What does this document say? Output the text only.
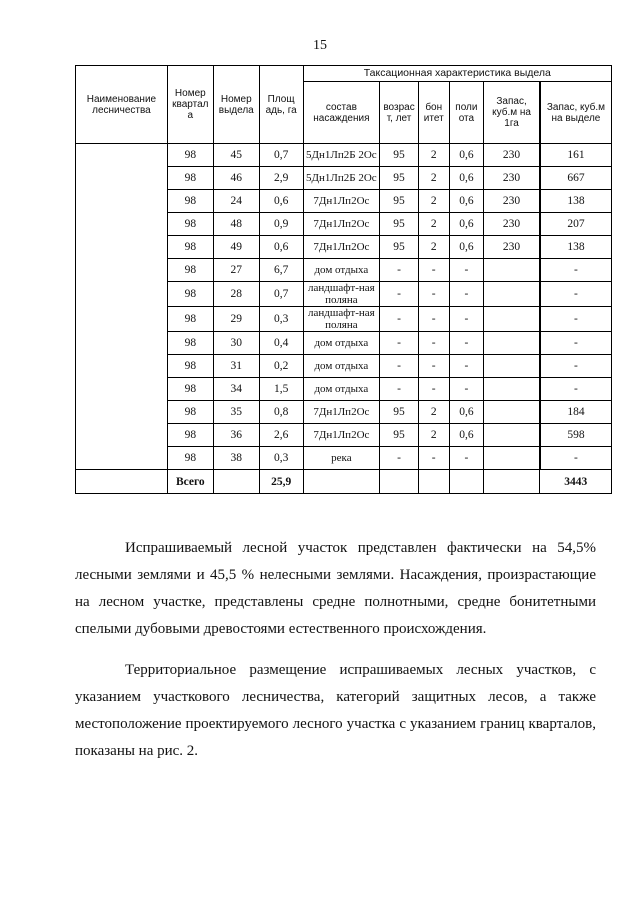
15
Наименование лесничества	Номер квартал а	Номер выдела	Площ адь, га	Таксационная характеристика выдела					
				состав насаждения	возрас т, лет	бон итет	поли ота	Запас, куб.м на 1га	Запас, куб.м на выделе
	98	45	0,7	5Дн1Лп2Б 2Ос	95	2	0,6	230	161
	98	46	2,9	5Дн1Лп2Б 2Ос	95	2	0,6	230	667
	98	24	0,6	7Дн1Лп2Ос	95	2	0,6	230	138
	98	48	0,9	7Дн1Лп2Ос	95	2	0,6	230	207
	98	49	0,6	7Дн1Лп2Ос	95	2	0,6	230	138
	98	27	6,7	дом отдыха	-	-	-		-
	98	28	0,7	ландшафт-ная поляна	-	-	-		-
	98	29	0,3	ландшафт-ная поляна	-	-	-		-
	98	30	0,4	дом отдыха	-	-	-		-
	98	31	0,2	дом отдыха	-	-	-		-
	98	34	1,5	дом отдыха	-	-	-		-
	98	35	0,8	7Дн1Лп2Ос	95	2	0,6		184
	98	36	2,6	7Дн1Лп2Ос	95	2	0,6		598
	98	38	0,3	река	-	-	-		-
	Всего		25,9						3443

Испрашиваемый лесной участок представлен фактически на 54,5% лесными землями и 45,5 % нелесными землями. Насаждения, произрастающие на леcном участке, представлены средне полнотными, средне бонитетными спелыми дубовыми древостоями естественного происхождения.

Территориальное размещение испрашиваемых лесных участков, с указанием участкового лесничества, категорий защитных лесов, а также местоположение проектируемого лесного участка с указанием границ кварталов, показаны на рис. 2.
